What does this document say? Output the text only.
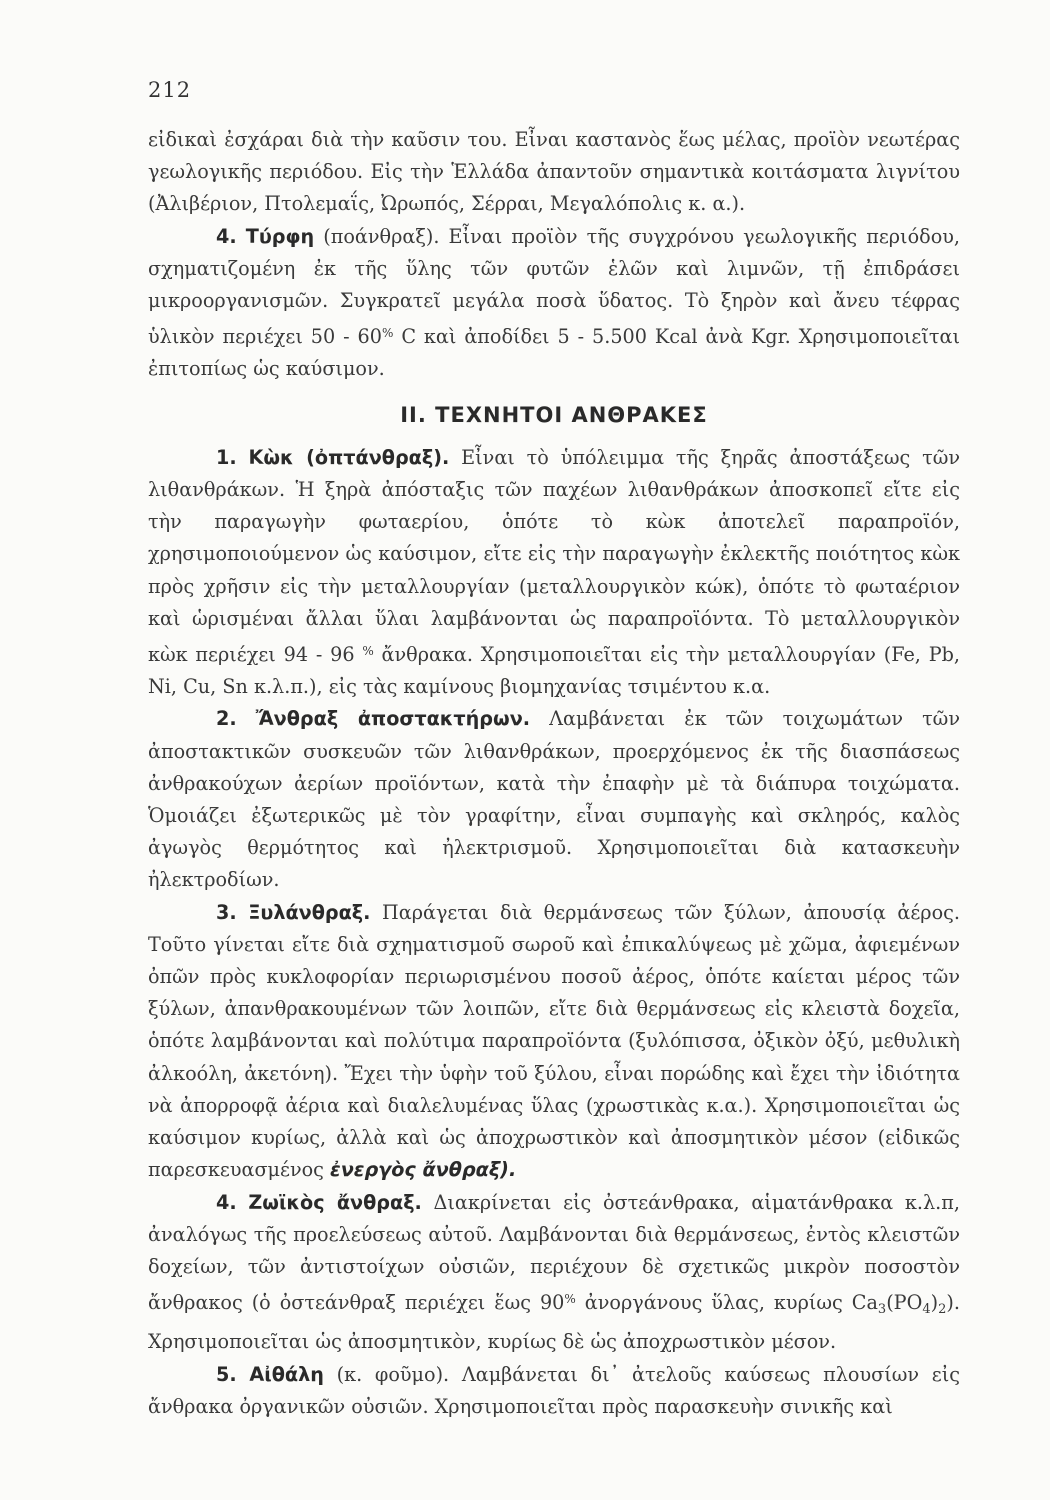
212

εἰδικαὶ ἐσχάραι διὰ τὴν καῦσιν του. Εἶναι καστανὸς ἕως μέλας, προϊὸν νεωτέρας γεωλογικῆς περιόδου. Εἰς τὴν Ἑλλάδα ἀπαντοῦν σημαντικὰ κοιτάσματα λιγνίτου (Ἀλιβέριον, Πτολεμαΐς, Ὠρωπός, Σέρραι, Μεγαλόπολις κ. α.).

4. Τύρφη (ποάνθραξ). Εἶναι προϊὸν τῆς συγχρόνου γεωλογικῆς περιόδου, σχηματιζομένη ἐκ τῆς ὕλης τῶν φυτῶν ἑλῶν καὶ λιμνῶν, τῇ ἐπιδράσει μικροοργανισμῶν. Συγκρατεῖ μεγάλα ποσὰ ὕδατος. Τὸ ξηρὸν καὶ ἄνευ τέφρας ὑλικὸν περιέχει 50 - 60% C καὶ ἀποδίδει 5 - 5.500 Kcal ἀνὰ Kgr. Χρησιμοποιεῖται ἐπιτοπίως ὡς καύσιμον.

II. ΤΕΧΝΗΤΟΙ ΑΝΘΡΑΚΕΣ

1. Κὼκ (ὀπτάνθραξ). Εἶναι τὸ ὑπόλειμμα τῆς ξηρᾶς ἀποστάξεως τῶν λιθανθράκων. Ἡ ξηρὰ ἀπόσταξις τῶν παχέων λιθανθράκων ἀποσκοπεῖ εἴτε εἰς τὴν παραγωγὴν φωταερίου, ὁπότε τὸ κὼκ ἀποτελεῖ παραπροϊόν, χρησιμοποιούμενον ὡς καύσιμον, εἴτε εἰς τὴν παραγωγὴν ἐκλεκτῆς ποιότητος κὼκ πρὸς χρῆσιν εἰς τὴν μεταλλουργίαν (μεταλλουργικὸν κώκ), ὁπότε τὸ φωταέριον καὶ ὡρισμέναι ἄλλαι ὕλαι λαμβάνονται ὡς παραπροϊόντα. Τὸ μεταλλουργικὸν κὼκ περιέχει 94 - 96 % ἄνθρακα. Χρησιμοποιεῖται εἰς τὴν μεταλλουργίαν (Fe, Pb, Ni, Cu, Sn κ.λ.π.), εἰς τὰς καμίνους βιομηχανίας τσιμέντου κ.α.

2. Ἄνθραξ ἀποστακτήρων. Λαμβάνεται ἐκ τῶν τοιχωμάτων τῶν ἀποστακτικῶν συσκευῶν τῶν λιθανθράκων, προερχόμενος ἐκ τῆς διασπάσεως ἀνθρακούχων ἀερίων προϊόντων, κατὰ τὴν ἐπαφὴν μὲ τὰ διάπυρα τοιχώματα. Ὁμοιάζει ἐξωτερικῶς μὲ τὸν γραφίτην, εἶναι συμπαγὴς καὶ σκληρός, καλὸς ἀγωγὸς θερμότητος καὶ ἠλεκτρισμοῦ. Χρησιμοποιεῖται διὰ κατασκευὴν ἠλεκτροδίων.

3. Ξυλάνθραξ. Παράγεται διὰ θερμάνσεως τῶν ξύλων, ἀπουσίᾳ ἀέρος. Τοῦτο γίνεται εἴτε διὰ σχηματισμοῦ σωροῦ καὶ ἐπικαλύψεως μὲ χῶμα, ἀφιεμένων ὀπῶν πρὸς κυκλοφορίαν περιωρισμένου ποσοῦ ἀέρος, ὁπότε καίεται μέρος τῶν ξύλων, ἀπανθρακουμένων τῶν λοιπῶν, εἴτε διὰ θερμάνσεως εἰς κλειστὰ δοχεῖα, ὁπότε λαμβάνονται καὶ πολύτιμα παραπροϊόντα (ξυλόπισσα, ὀξικὸν ὀξύ, μεθυλικὴ ἀλκοόλη, ἀκετόνη). Ἔχει τὴν ὑφὴν τοῦ ξύλου, εἶναι πορώδης καὶ ἔχει τὴν ἰδιότητα νὰ ἀπορροφᾷ ἀέρια καὶ διαλελυμένας ὕλας (χρωστικὰς κ.α.). Χρησιμοποιεῖται ὡς καύσιμον κυρίως, ἀλλὰ καὶ ὡς ἀποχρωστικὸν καὶ ἀποσμητικὸν μέσον (εἰδικῶς παρεσκευασμένος ἐνεργὸς ἄνθραξ).

4. Ζωϊκὸς ἄνθραξ. Διακρίνεται εἰς ὀστεάνθρακα, αἱματάνθρακα κ.λ.π, ἀναλόγως τῆς προελεύσεως αὐτοῦ. Λαμβάνονται διὰ θερμάνσεως, ἐντὸς κλειστῶν δοχείων, τῶν ἀντιστοίχων οὐσιῶν, περιέχουν δὲ σχετικῶς μικρὸν ποσοστὸν ἄνθρακος (ὁ ὀστεάνθραξ περιέχει ἕως 90% ἀνοργάνους ὕλας, κυρίως $Ca_3(PO_4)_2$). Χρησιμοποιεῖται ὡς ἀποσμητικὸν, κυρίως δὲ ὡς ἀποχρωστικὸν μέσον.

5. Αἰθάλη (κ. φοῦμο). Λαμβάνεται δι᾽ ἀτελοῦς καύσεως πλουσίων εἰς ἄνθρακα ὀργανικῶν οὐσιῶν. Χρησιμοποιεῖται πρὸς παρασκευὴν σινικῆς καὶ
